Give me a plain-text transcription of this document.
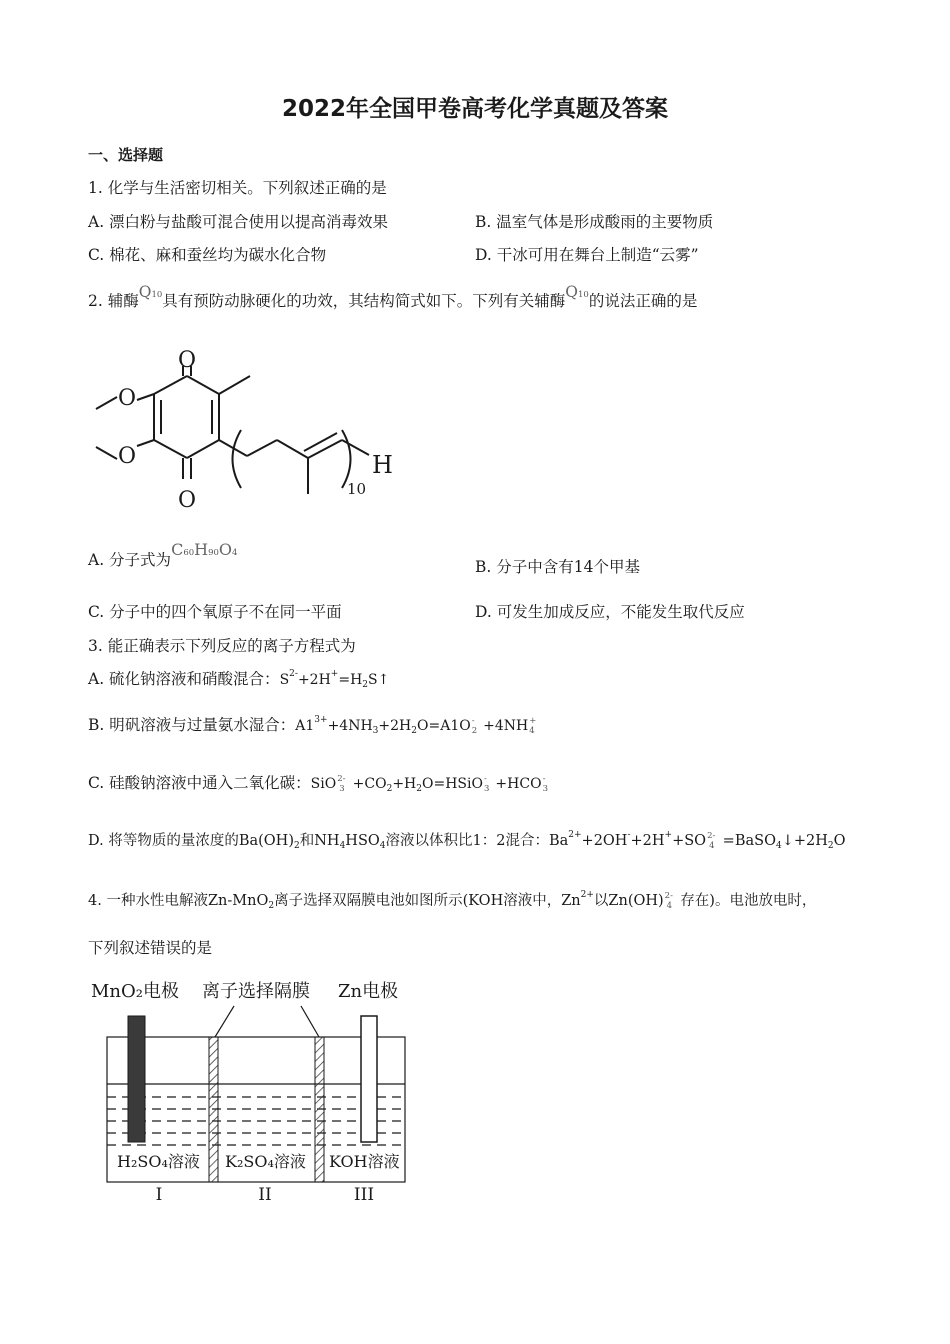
2022年全国甲卷高考化学真题及答案
一、选择题
1. 化学与生活密切相关。下列叙述正确的是
A. 漂白粉与盐酸可混合使用以提高消毒效果	B. 温室气体是形成酸雨的主要物质
C. 棉花、麻和蚕丝均为碳水化合物	D. 干冰可用在舞台上制造“云雾”
2. 辅酶Q10具有预防动脉硬化的功效，其结构简式如下。下列有关辅酶Q10的说法正确的是
O
O
O
O	H
10
A. 分子式为C60H90O4
B. 分子中含有14个甲基
C. 分子中的四个氧原子不在同一平面	D. 可发生加成反应，不能发生取代反应
3. 能正确表示下列反应的离子方程式为
A. 硫化钠溶液和硝酸混合：$S^{2-}+2H^+=H_2S↑$
B. 明矾溶液与过量氨水湿合：$A1^{3+}+4NH_3+2H_2O=A1O$ -
2 +4NH +
4
C. 硅酸钠溶液中通入二氧化碳：SiO 2-
$3 +CO_2+H_2O=HSiO$ -
3 +HCO -
3
D. 将等物质的量浓度的$Ba(OH)_2$和$NH_4HSO_4$溶液以体积比1：2混合：$Ba^{2+}+2OH^-+2H^++SO$ 2-
$4 =BaSO_4↓+2H_2O$
4. 一种水性电解液Zn-MnO$_2$离子选择双隔膜电池如图所示(KOH溶液中，$Zn^{2+}$以Zn(OH) 2-
4 存在)。电池放电时，
下列叙述错误的是
MnO₂电极 离子选择隔膜 Zn电极
H₂SO₄溶液 K₂SO₄溶液 KOH溶液
I	II	III
